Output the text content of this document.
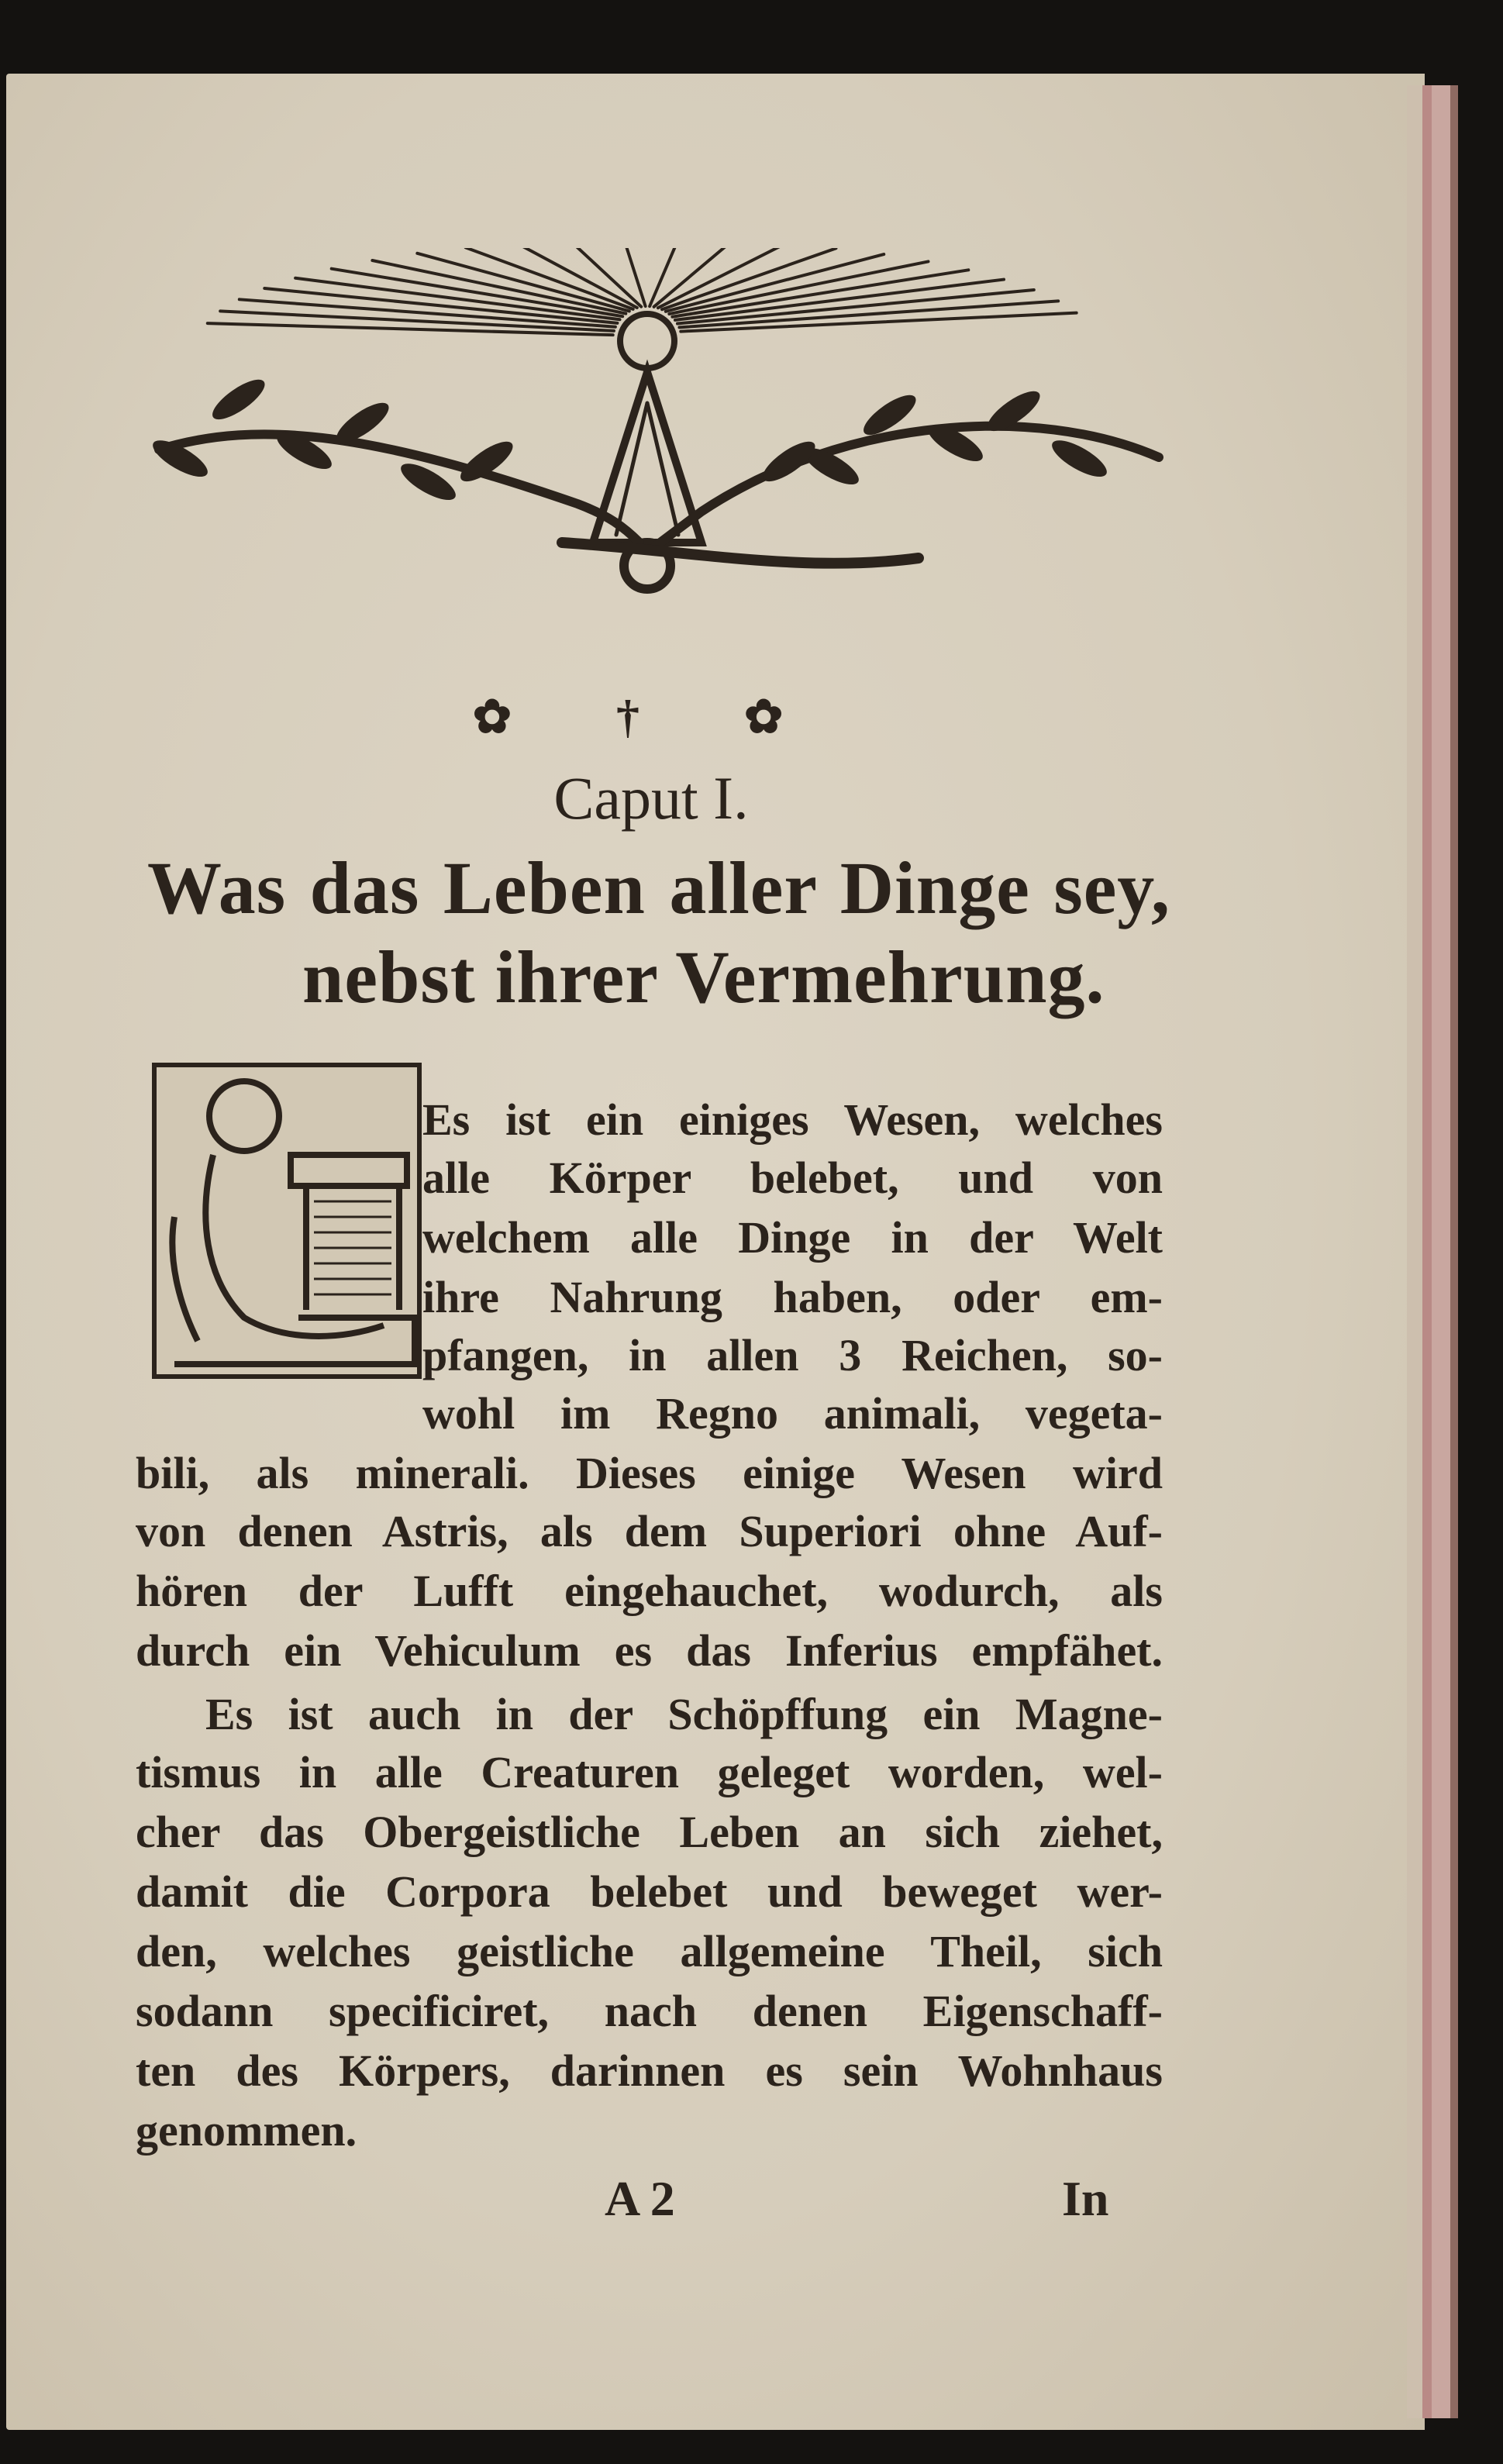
✿ † ✿
Caput I.
Was das Leben aller Dinge sey,
nebst ihrer Vermehrung.
Es ist ein einiges Wesen, welches
alle Körper belebet, und von
welchem alle Dinge in der Welt
ihre Nahrung haben, oder em-
pfangen, in allen 3 Reichen, so-
wohl im Regno animali, vegeta-
bili, als minerali. Dieses einige Wesen wird
von denen Astris, als dem Superiori ohne Auf-
hören der Lufft eingehauchet, wodurch, als
durch ein Vehiculum es das Inferius empfähet.
Es ist auch in der Schöpffung ein Magne-
tismus in alle Creaturen geleget worden, wel-
cher das Obergeistliche Leben an sich ziehet,
damit die Corpora belebet und beweget wer-
den, welches geistliche allgemeine Theil, sich
sodann specificiret, nach denen Eigenschaff-
ten des Körpers, darinnen es sein Wohnhaus
genommen.
A 2	In
